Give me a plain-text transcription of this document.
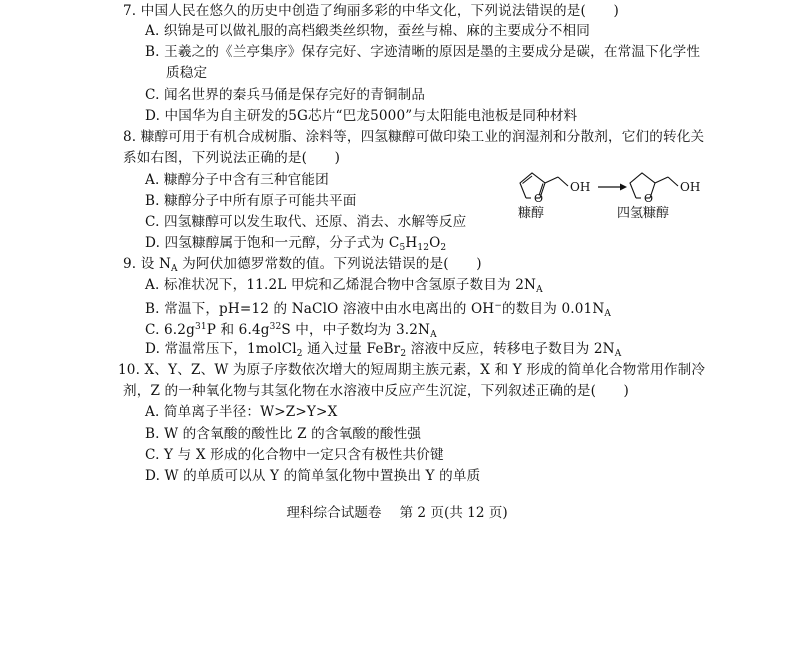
7. 中国人民在悠久的历史中创造了绚丽多彩的中华文化，下列说法错误的是(　　)
A. 织锦是可以做礼服的高档緞类丝织物，蚕丝与棉、麻的主要成分不相同
B. 王羲之的《兰亭集序》保存完好、字迹清晰的原因是墨的主要成分是碳，在常温下化学性
质稳定
C. 闻名世界的秦兵马俑是保存完好的青铜制品
D. 中国华为自主研发的5G芯片“巴龙5000”与太阳能电池板是同种材料
8. 糠醇可用于有机合成树脂、涂料等，四氢糠醇可做印染工业的润湿剂和分散剂，它们的转化关
系如右图，下列说法正确的是(　　)
A. 糠醇分子中含有三种官能团
B. 糠醇分子中所有原子可能共平面
C. 四氢糠醇可以发生取代、还原、消去、水解等反应
D. 四氢糠醇属于饱和一元醇，分子式为 $C_5H_{12}O_2$
O	O
OH	OH
糠醇	四氢糠醇
9. 设 $N_A$ 为阿伏加德罗常数的值。下列说法错误的是(　　)
A. 标准状况下，11.2L 甲烷和乙烯混合物中含氢原子数目为 $2N_A$
B. 常温下，pH=12 的 NaClO 溶液中由水电离出的 OH−的数目为 $0.01N_A$
C. $6.2g^{31}P$ 和 $6.4g^{32}S$ 中，中子数均为 $3.2N_A$
D. 常温常压下，1molCl$_2$ 通入过量 FeBr$_2$ 溶液中反应，转移电子数目为 $2N_A$
10. X、Y、Z、W 为原子序数依次增大的短周期主族元素，X 和 Y 形成的简单化合物常用作制冷
剂，Z 的一种氧化物与其氢化物在水溶液中反应产生沉淀，下列叙述正确的是(　　)
A. 简单离子半径：W>Z>Y>X
B. W 的含氧酸的酸性比 Z 的含氧酸的酸性强
C. Y 与 X 形成的化合物中一定只含有极性共价键
D. W 的单质可以从 Y 的简单氢化物中置换出 Y 的单质
理科综合试题卷 第 2 页(共 12 页)
